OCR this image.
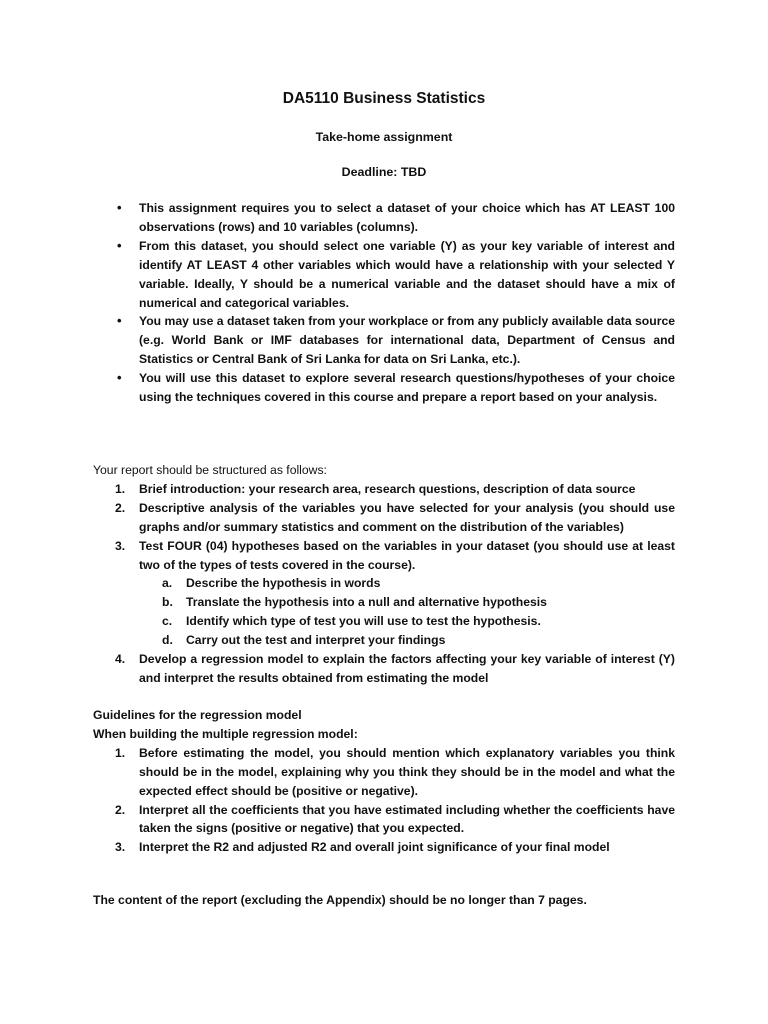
DA5110 Business Statistics
Take-home assignment
Deadline: TBD
• This assignment requires you to select a dataset of your choice which has AT LEAST 100 observations (rows) and 10 variables (columns).
• From this dataset, you should select one variable (Y) as your key variable of interest and identify AT LEAST 4 other variables which would have a relationship with your selected Y variable. Ideally, Y should be a numerical variable and the dataset should have a mix of numerical and categorical variables.
• You may use a dataset taken from your workplace or from any publicly available data source (e.g. World Bank or IMF databases for international data, Department of Census and Statistics or Central Bank of Sri Lanka for data on Sri Lanka, etc.).
• You will use this dataset to explore several research questions/hypotheses of your choice using the techniques covered in this course and prepare a report based on your analysis.
Your report should be structured as follows:
1. Brief introduction: your research area, research questions, description of data source
2. Descriptive analysis of the variables you have selected for your analysis (you should use graphs and/or summary statistics and comment on the distribution of the variables)
3. Test FOUR (04) hypotheses based on the variables in your dataset (you should use at least two of the types of tests covered in the course).
a. Describe the hypothesis in words
b. Translate the hypothesis into a null and alternative hypothesis
c. Identify which type of test you will use to test the hypothesis.
d. Carry out the test and interpret your findings
4. Develop a regression model to explain the factors affecting your key variable of interest (Y) and interpret the results obtained from estimating the model
Guidelines for the regression model
When building the multiple regression model:
1. Before estimating the model, you should mention which explanatory variables you think should be in the model, explaining why you think they should be in the model and what the expected effect should be (positive or negative).
2. Interpret all the coefficients that you have estimated including whether the coefficients have taken the signs (positive or negative) that you expected.
3. Interpret the R2 and adjusted R2 and overall joint significance of your final model
The content of the report (excluding the Appendix) should be no longer than 7 pages.
